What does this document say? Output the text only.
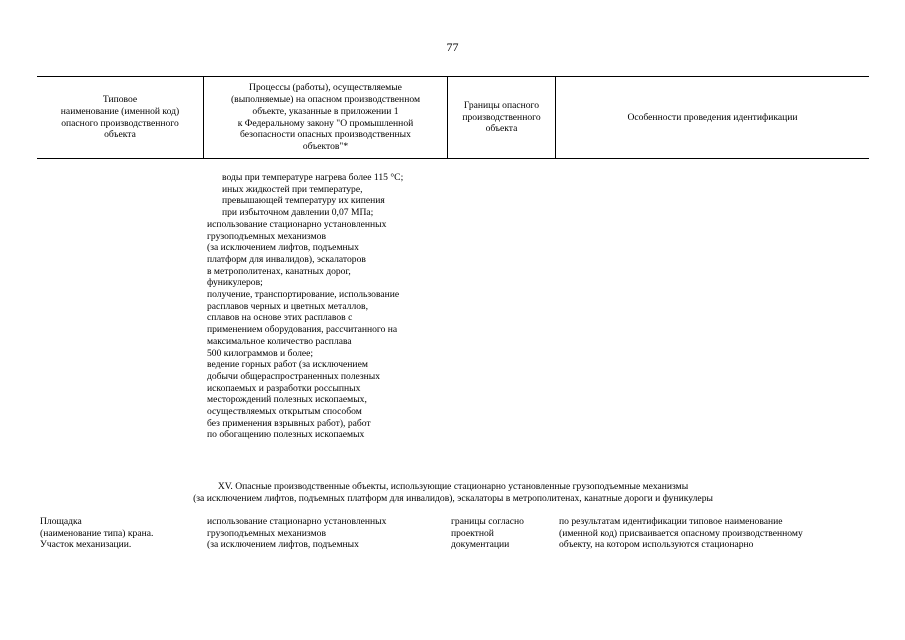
77
Типовое
наименование (именной код)
опасного производственного
объекта
Процессы (работы), осуществляемые
(выполняемые) на опасном производственном
объекте, указанные в приложении 1
к Федеральному закону "О промышленной
безопасности опасных производственных
объектов"*
Границы опасного
производственного
объекта
Особенности проведения идентификации
воды при температуре нагрева более 115 °C;
иных жидкостей при температуре,
превышающей температуру их кипения
при избыточном давлении 0,07 МПа;
использование стационарно установленных
грузоподъемных механизмов
(за исключением лифтов, подъемных
платформ для инвалидов), эскалаторов
в метрополитенах, канатных дорог,
фуникулеров;
получение, транспортирование, использование
расплавов черных и цветных металлов,
сплавов на основе этих расплавов с
применением оборудования, рассчитанного на
максимальное количество расплава
500 килограммов и более;
ведение горных работ (за исключением
добычи общераспространенных полезных
ископаемых и разработки россыпных
месторождений полезных ископаемых,
осуществляемых открытым способом
без применения взрывных работ), работ
по обогащению полезных ископаемых
XV. Опасные производственные объекты, использующие стационарно установленные грузоподъемные механизмы
(за исключением лифтов, подъемных платформ для инвалидов), эскалаторы в метрополитенах, канатные дороги и фуникулеры
Площадка
(наименование типа) крана.
Участок механизации.
использование стационарно установленных
грузоподъемных механизмов
(за исключением лифтов, подъемных
границы согласно
проектной
документации
по результатам идентификации типовое наименование
(именной код) присваивается опасному производственному
объекту, на котором используются стационарно
